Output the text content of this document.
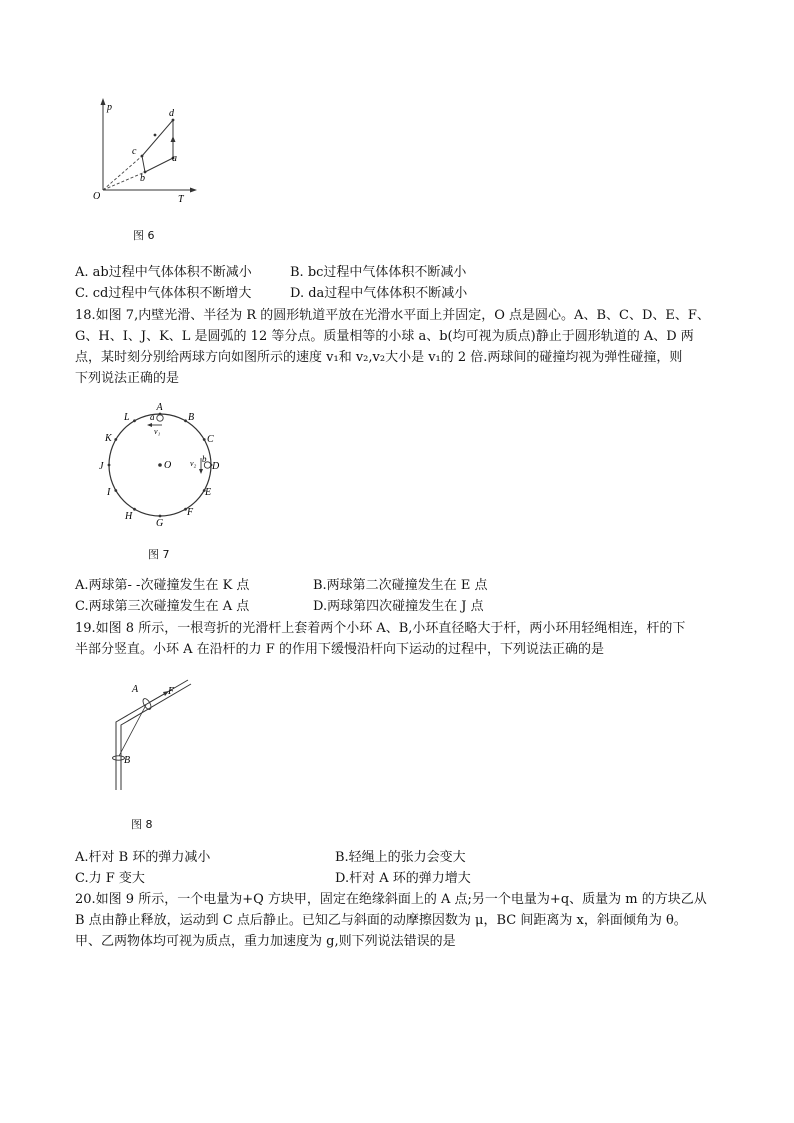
p
T
O
d
a
b
c
图 6
A. ab过程中气体体积不断减小	B. bc过程中气体体积不断减小
C. cd过程中气体体积不断增大	D. da过程中气体体积不断减小
18.如图 7,内壁光滑、半径为 R 的圆形轨道平放在光滑水平面上并固定，O 点是圆心。A、B、C、D、E、F、
G、H、I、J、K、L 是圆弧的 12 等分点。质量相等的小球 a、b(均可视为质点)静止于圆形轨道的 A、D 两
点，某时刻分别给两球方向如图所示的速度 v₁和 v₂,v₂大小是 v₁的 2 倍.两球间的碰撞均视为弹性碰撞，则
下列说法正确的是
A
B
C
D
E
F
G
H
I
J
K
L
O
a
v₁
v₂ b
图 7
A.两球第- -次碰撞发生在 K 点	B.两球第二次碰撞发生在 E 点
C.两球第三次碰撞发生在 A 点	D.两球第四次碰撞发生在 J 点
19.如图 8 所示，一根弯折的光滑杆上套着两个小环 A、B,小环直径略大于杆，两小环用轻绳相连，杆的下
半部分竖直。小环 A 在沿杆的力 F 的作用下缓慢沿杆向下运动的过程中，下列说法正确的是
A
B
F
图 8
A.杆对 B 环的弹力减小	B.轻绳上的张力会变大
C.力 F 变大	D.杆对 A 环的弹力增大
20.如图 9 所示，一个电量为+Q 方块甲，固定在绝缘斜面上的 A 点;另一个电量为+q、质量为 m 的方块乙从
B 点由静止释放，运动到 C 点后静止。已知乙与斜面的动摩擦因数为 μ，BC 间距离为 x，斜面倾角为 θ。
甲、乙两物体均可视为质点，重力加速度为 g,则下列说法错误的是
